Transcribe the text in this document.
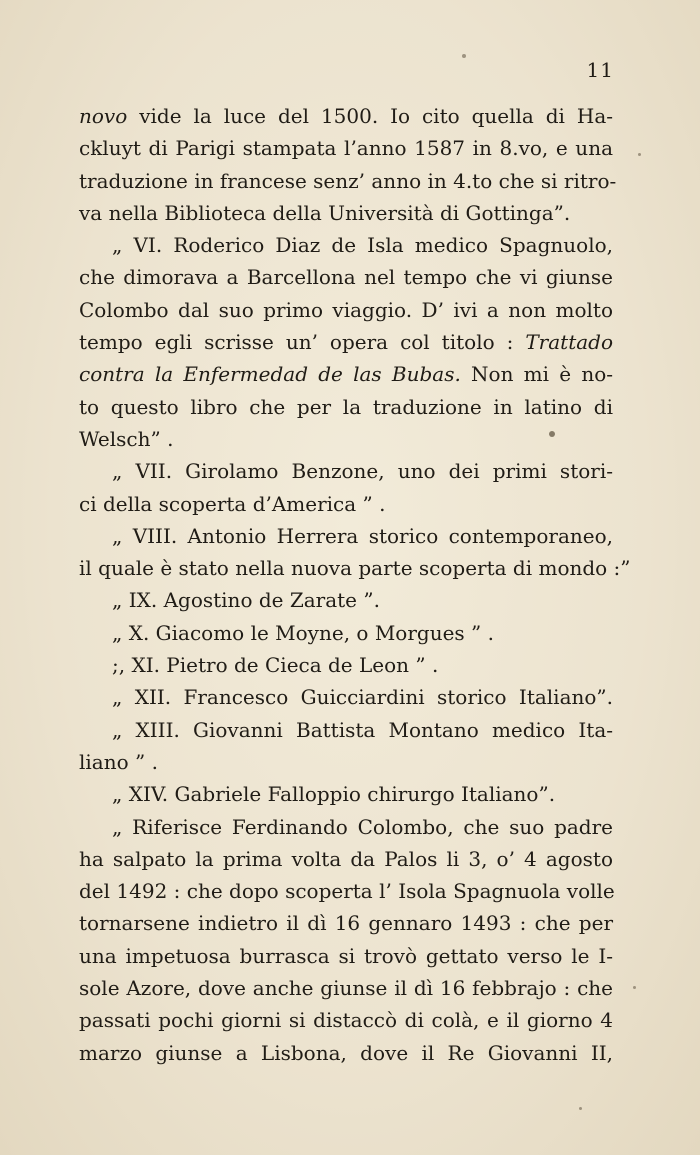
11
novo vide la luce del 1500. Io cito quella di Ha-
ckluyt di Parigi stampata l’anno 1587 in 8.vo, e una
traduzione in francese senz’ anno in 4.to che si ritro-
va nella Biblioteca della Università di Gottinga”.
„ VI. Roderico Diaz de Isla medico Spagnuolo,
che dimorava a Barcellona nel tempo che vi giunse
Colombo dal suo primo viaggio. D’ ivi a non molto
tempo egli scrisse un’ opera col titolo : Trattado
contra la Enfermedad de las Bubas. Non mi è no-
to questo libro che per la traduzione in latino di
Welsch” .
„ VII. Girolamo Benzone, uno dei primi stori-
ci della scoperta d’America ” .
„ VIII. Antonio Herrera storico contemporaneo,
il quale è stato nella nuova parte scoperta di mondo :”
„ IX. Agostino de Zarate ”.
„ X. Giacomo le Moyne, o Morgues ” .
;, XI. Pietro de Cieca de Leon ” .
„ XII. Francesco Guicciardini storico Italiano”.
„ XIII. Giovanni Battista Montano medico Ita-
liano ” .
„ XIV. Gabriele Falloppio chirurgo Italiano”.
„ Riferisce Ferdinando Colombo, che suo padre
ha salpato la prima volta da Palos li 3, o’ 4 agosto
del 1492 : che dopo scoperta l’ Isola Spagnuola volle
tornarsene indietro il dì 16 gennaro 1493 : che per
una impetuosa burrasca si trovò gettato verso le I-
sole Azore, dove anche giunse il dì 16 febbrajo : che
passati pochi giorni si distaccò di colà, e il giorno 4
marzo giunse a Lisbona, dove il Re Giovanni II,
